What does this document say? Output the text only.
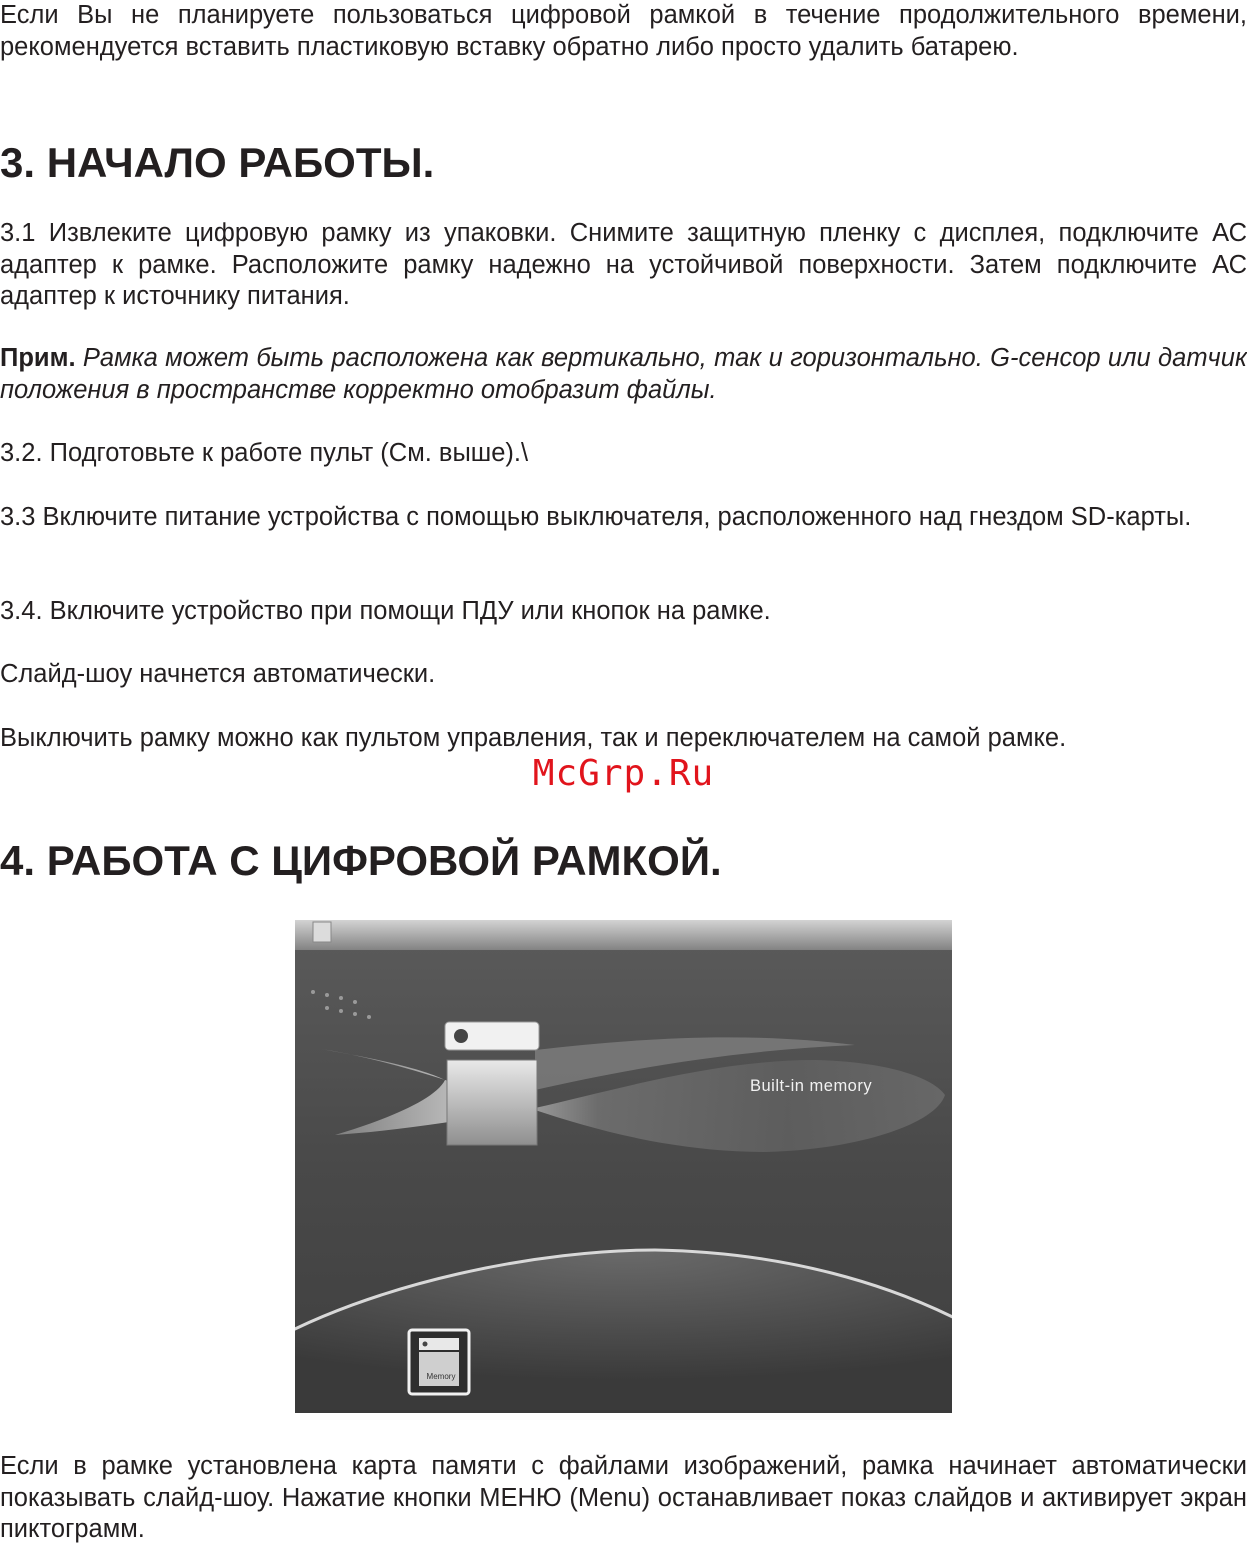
Если Вы не планируете пользоваться цифровой рамкой в течение продолжительного времени, рекомендуется вставить пластиковую вставку обратно либо просто удалить батарею.

3. НАЧАЛО РАБОТЫ.

3.1 Извлеките цифровую рамку из упаковки. Снимите защитную пленку с дисплея, подключите АС адаптер к рамке. Расположите рамку надежно на устойчивой поверхности. Затем подключите АС адаптер к источнику питания.

Прим. Рамка может быть расположена как вертикально, так и горизонтально. G-сенсор или датчик положения в пространстве корректно отобразит файлы.

3.2. Подготовьте к работе пульт (См. выше).\

3.3 Включите питание устройства с помощью выключателя, расположенного над гнездом SD-карты.

3.4. Включите устройство при помощи ПДУ или кнопок на рамке.

Слайд-шоу начнется автоматически.

Выключить рамку можно как пультом управления, так и переключателем на самой рамке.

McGrp.Ru
4. РАБОТА С ЦИФРОВОЙ РАМКОЙ.
Built-in memory
Memory

Если в рамке установлена карта памяти с файлами изображений, рамка начинает автоматически показывать слайд-шоу. Нажатие кнопки МЕНЮ (Menu) останавливает показ слайдов и активирует экран пиктограмм.
